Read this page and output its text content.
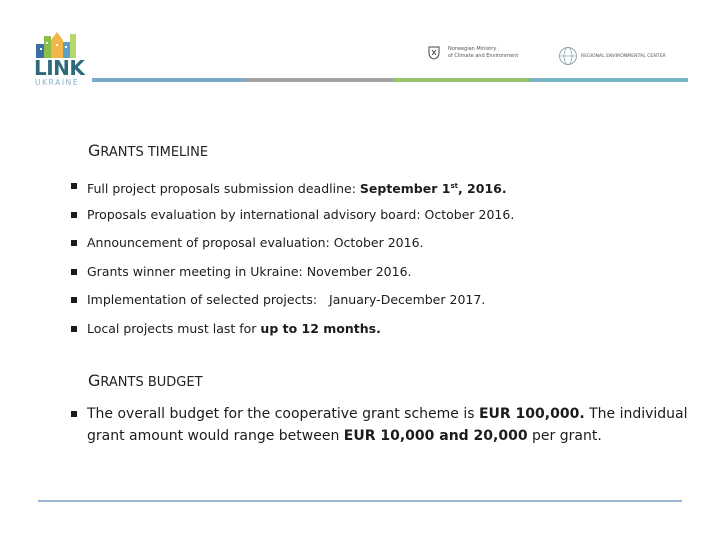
LINK
UKRAINE
Norwegian Ministry
of Climate and Environment	REGIONAL ENVIRONMENTAL CENTER
GRANTS TIMELINE
Full project proposals submission deadline: September 1st, 2016.
Proposals evaluation by international advisory board: October 2016.
Announcement of proposal evaluation: October 2016.
Grants winner meeting in Ukraine: November 2016.
Implementation of selected projects:   January-December 2017.
Local projects must last for up to 12 months.
GRANTS BUDGET
The overall budget for the cooperative grant scheme is EUR 100,000. The individual grant amount would range between EUR 10,000 and 20,000 per grant.
